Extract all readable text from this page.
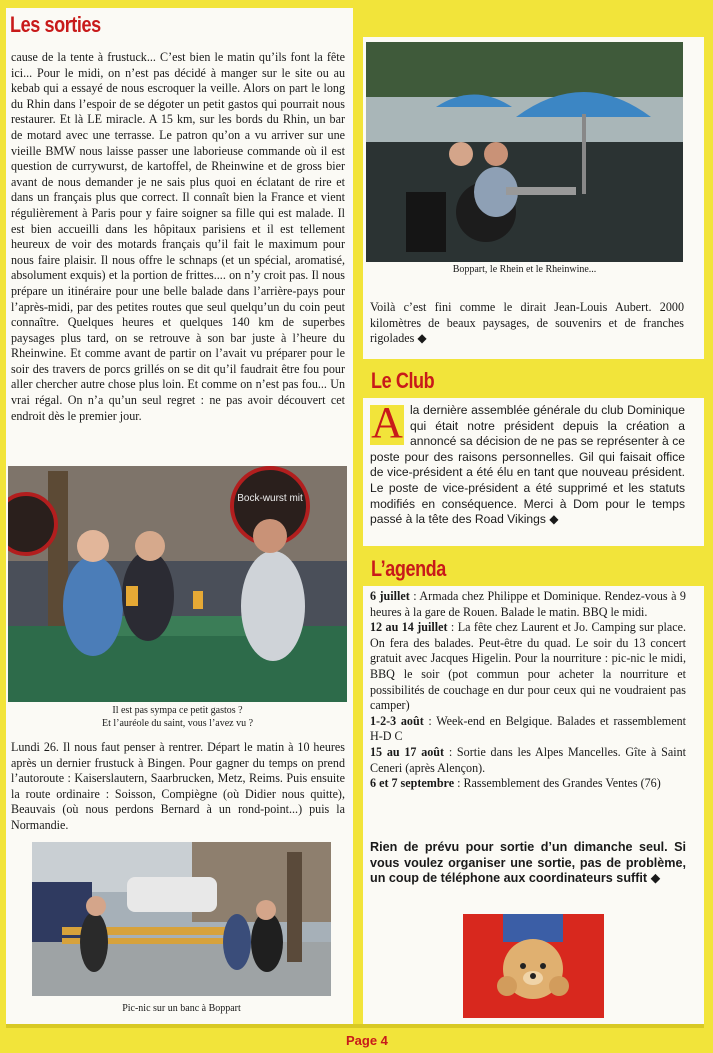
Les sorties

cause de la tente à frustuck... C’est bien le matin qu’ils font la fête ici... Pour le midi, on n’est pas décidé à manger sur le site ou au kebab qui a essayé de nous escroquer la veille. Alors on part le long du Rhin dans l’espoir de se dégoter un petit gastos qui pourrait nous restaurer. Et là LE miracle. A 15 km, sur les bords du Rhin, un bar de motard avec une terrasse. Le patron qu’on a vu arriver sur une vieille BMW nous laisse passer une laborieuse commande où il est question de currywurst, de kartoffel, de Rheinwine et de gross bier avant de nous demander je ne sais plus quoi en éclatant de rire et dans un français plus que correct. Il connaît bien la France et vient régulièrement à Paris pour y faire soigner sa fille qui est malade. Il est bien accueilli dans les hôpitaux parisiens et il est tellement heureux de voir des motards français qu’il fait le maximum pour nous faire plaisir. Il nous offre le schnaps (et un spécial, aromatisé, absolument exquis) et la portion de frittes.... on n’y croit pas. Il nous prépare un itinéraire pour une belle balade dans l’arrière-pays pour l’après-midi, par des petites routes que seul quelqu’un du coin peut connaître. Quelques heures et quelques 140 km de superbes paysages plus tard, on se retrouve à son bar juste à l’heure du Rheinwine. Et comme avant de partir on l’avait vu préparer pour le soir des travers de porcs grillés on se dit qu’il faudrait être fou pour aller chercher autre chose plus loin. Et comme on n’est pas fou... Un vrai régal. On n’a qu’un seul regret : ne pas avoir découvert cet endroit dès le premier jour.

Bock-wurst mit
Il est pas sympa ce petit gastos ?
Et l’auréole du saint, vous l’avez vu ?

Lundi 26. Il nous faut penser à rentrer. Départ le matin à 10 heures après un dernier frustuck à Bingen. Pour gagner du temps on prend l’autoroute : Kaiserslautern, Saarbrucken, Metz, Reims. Puis ensuite la route ordinaire : Soisson, Compiègne (où Didier nous quitte), Beauvais (où nous perdons Bernard à un rond-point...) puis la Normandie.

Pic-nic sur un banc à Boppart
Boppart, le Rhein et le Rheinwine...

Voilà c’est fini comme le dirait Jean-Louis Aubert. 2000 kilomètres de beaux paysages, de souvenirs et de franches rigolades ◆

Le Club
A la dernière assemblée générale du club Dominique qui était notre président depuis la création a annoncé sa décision de ne pas se représenter à ce poste pour des raisons personnelles. Gil qui faisait office de vice-président a été élu en tant que nouveau président. Le poste de vice-président a été supprimé et les statuts modifiés en conséquence. Merci à Dom pour le temps passé à la tête des Road Vikings ◆
L’agenda

6 juillet : Armada chez Philippe et Dominique. Rendez-vous à 9 heures à la gare de Rouen. Balade le matin. BBQ le midi.

12 au 14 juillet : La fête chez Laurent et Jo. Camping sur place. On fera des balades. Peut-être du quad. Le soir du 13 concert gratuit avec Jacques Higelin. Pour la nourriture : pic-nic le midi, BBQ le soir (pot commun pour acheter la nourriture et possibilités de couchage en dur pour ceux qui ne voudraient pas camper)

1-2-3 août : Week-end en Belgique. Balades et rassemblement H-D C

15 au 17 août : Sortie dans les Alpes Mancelles. Gîte à Saint Ceneri (après Alençon).

6 et 7 septembre : Rassemblement des Grandes Ventes (76)

Rien de prévu pour sortie d’un dimanche seul. Si vous voulez organiser une sortie, pas de problème, un coup de téléphone aux coordinateurs suffit ◆
Page 4
